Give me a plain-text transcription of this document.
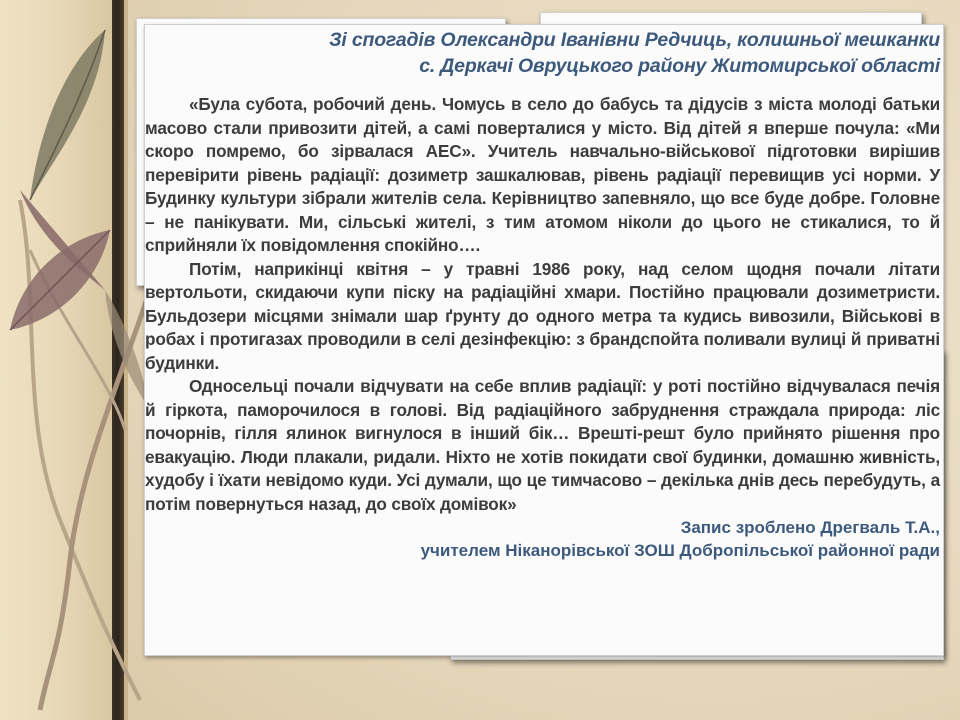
Зі спогадів Олександри Іванівни Редчиць, колишньої мешканки
с. Деркачі Овруцького району Житомирської області

«Була субота, робочий день. Чомусь в село до бабусь та дідусів з міста молоді батьки масово стали привозити дітей, а самі поверталися у місто. Від дітей я вперше почула: «Ми скоро помремо, бо зірвалася АЕС». Учитель навчально-військової підготовки вирішив перевірити рівень радіації: дозиметр зашкалював, рівень радіації перевищив усі норми. У Будинку культури зібрали жителів села. Керівництво запевняло, що все буде добре. Головне – не панікувати. Ми, сільські жителі, з тим атомом ніколи до цього не стикалися, то й сприйняли їх повідомлення спокійно….

Потім, наприкінці квітня – у травні 1986 року, над селом щодня почали літати вертольоти, скидаючи купи піску на радіаційні хмари. Постійно працювали дозиметристи. Бульдозери місцями знімали шар ґрунту до одного метра та кудись вивозили, Військові в робах і протигазах проводили в селі дезінфекцію: з брандспойта поливали вулиці й приватні будинки.

Односельці почали відчувати на себе вплив радіації: у роті постійно відчувалася печія й гіркота, паморочилося в голові. Від радіаційного забруднення страждала природа: ліс почорнів, гілля ялинок вигнулося в інший бік… Врешті-решт було прийнято рішення про евакуацію. Люди плакали, ридали. Ніхто не хотів покидати свої будинки, домашню живність, худобу і їхати невідомо куди. Усі думали, що це тимчасово – декілька днів десь перебудуть, а потім повернуться назад, до своїх домівок»

Запис зроблено Дрегваль Т.А.,
учителем Ніканорівської ЗОШ Добропільської районної ради
